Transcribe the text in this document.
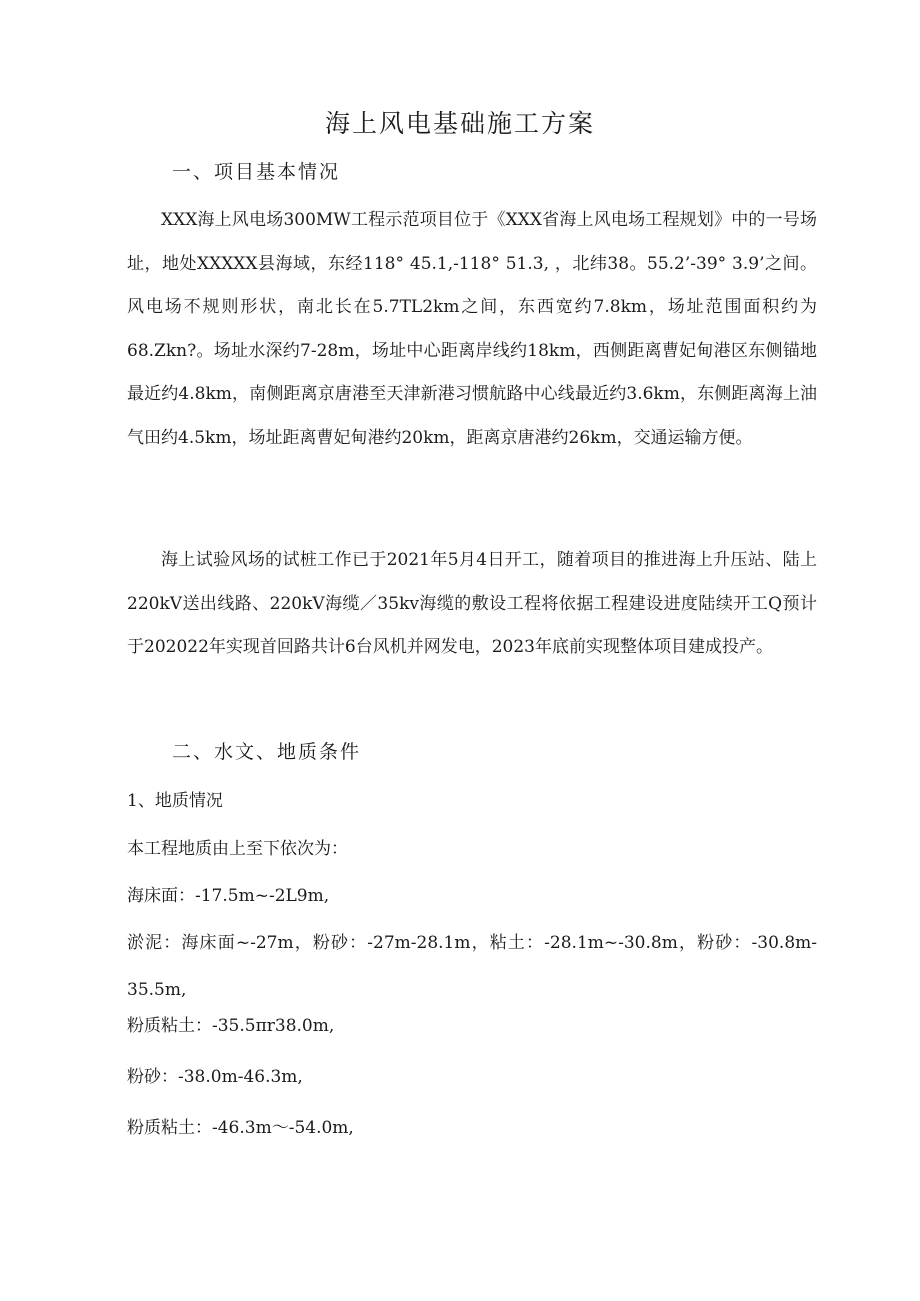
海上风电基础施工方案
一、项目基本情况
XXX海上风电场300MW工程示范项目位于《XXX省海上风电场工程规划》中的一号场址，地处XXXXX县海域，东经118° 45.1,-118° 51.3, ，北纬38。55.2’-39° 3.9’之间。风电场不规则形状，南北长在5.7TL2km之间，东西宽约7.8km，场址范围面积约为68.Zkn?。场址水深约7-28m，场址中心距离岸线约18km，西侧距离曹妃甸港区东侧锚地最近约4.8km，南侧距离京唐港至天津新港习惯航路中心线最近约3.6km，东侧距离海上油气田约4.5km，场址距离曹妃甸港约20km，距离京唐港约26km，交通运输方便。
海上试验风场的试桩工作已于2021年5月4日开工，随着项目的推进海上升压站、陆上220kV送出线路、220kV海缆／35kv海缆的敷设工程将依据工程建设进度陆续开工Q预计于202022年实现首回路共计6台风机并网发电，2023年底前实现整体项目建成投产。
二、水文、地质条件
1、地质情况
本工程地质由上至下依次为：
海床面：-17.5m~-2L9m,
淤泥：海床面~-27m，粉砂：-27m-28.1m，粘土：-28.1m~-30.8m，粉砂：-30.8m-35.5m,
粉质粘土：-35.5πr38.0m,
粉砂：-38.0m-46.3m,
粉质粘土：-46.3m～-54.0m,
